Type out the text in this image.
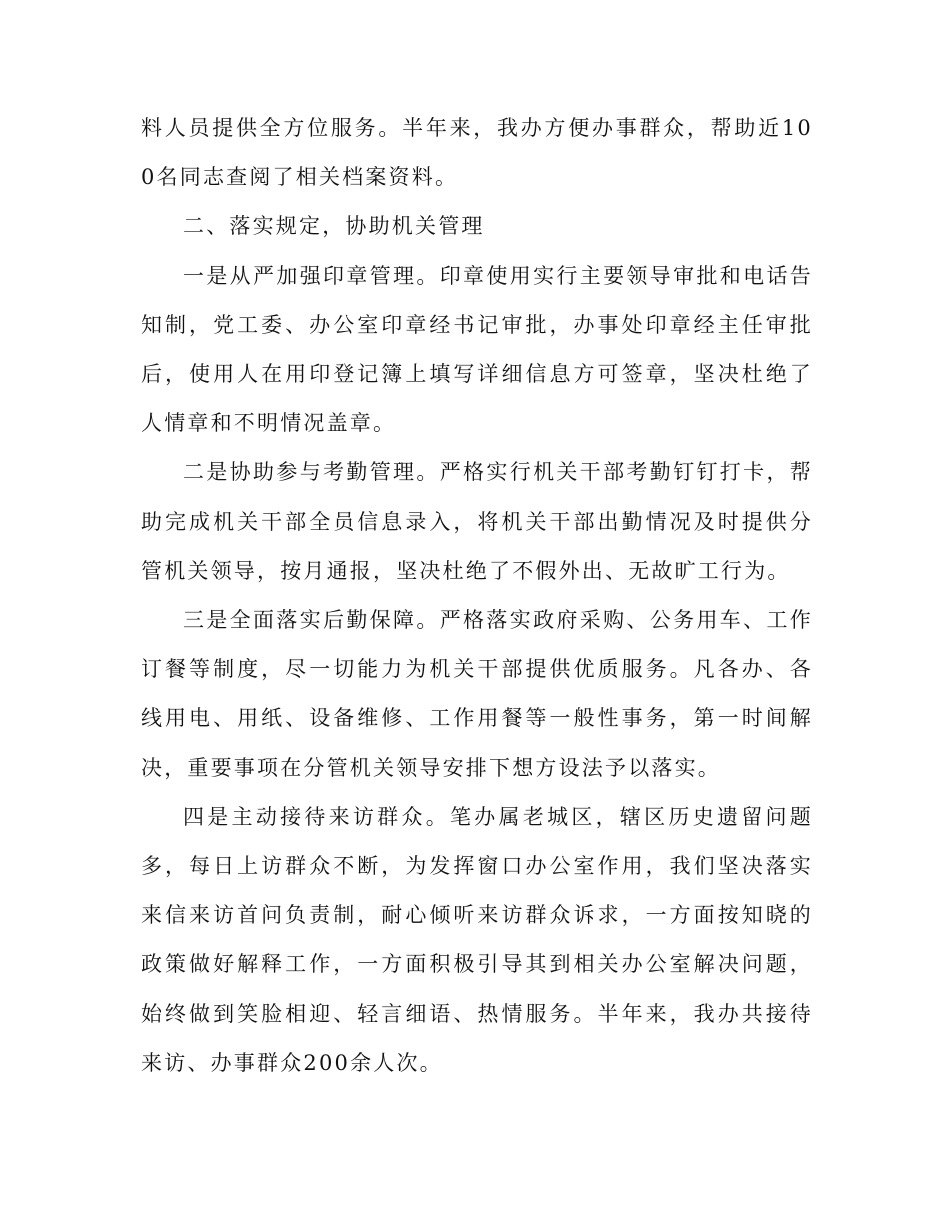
料人员提供全方位服务。半年来，我办方便办事群众，帮助近100名同志查阅了相关档案资料。

二、落实规定，协助机关管理

一是从严加强印章管理。印章使用实行主要领导审批和电话告知制，党工委、办公室印章经书记审批，办事处印章经主任审批后，使用人在用印登记簿上填写详细信息方可签章，坚决杜绝了人情章和不明情况盖章。

二是协助参与考勤管理。严格实行机关干部考勤钉钉打卡，帮助完成机关干部全员信息录入，将机关干部出勤情况及时提供分管机关领导，按月通报，坚决杜绝了不假外出、无故旷工行为。

三是全面落实后勤保障。严格落实政府采购、公务用车、工作订餐等制度，尽一切能力为机关干部提供优质服务。凡各办、各线用电、用纸、设备维修、工作用餐等一般性事务，第一时间解决，重要事项在分管机关领导安排下想方设法予以落实。

四是主动接待来访群众。笔办属老城区，辖区历史遗留问题多，每日上访群众不断，为发挥窗口办公室作用，我们坚决落实来信来访首问负责制，耐心倾听来访群众诉求，一方面按知晓的政策做好解释工作，一方面积极引导其到相关办公室解决问题，始终做到笑脸相迎、轻言细语、热情服务。半年来，我办共接待来访、办事群众200余人次。
